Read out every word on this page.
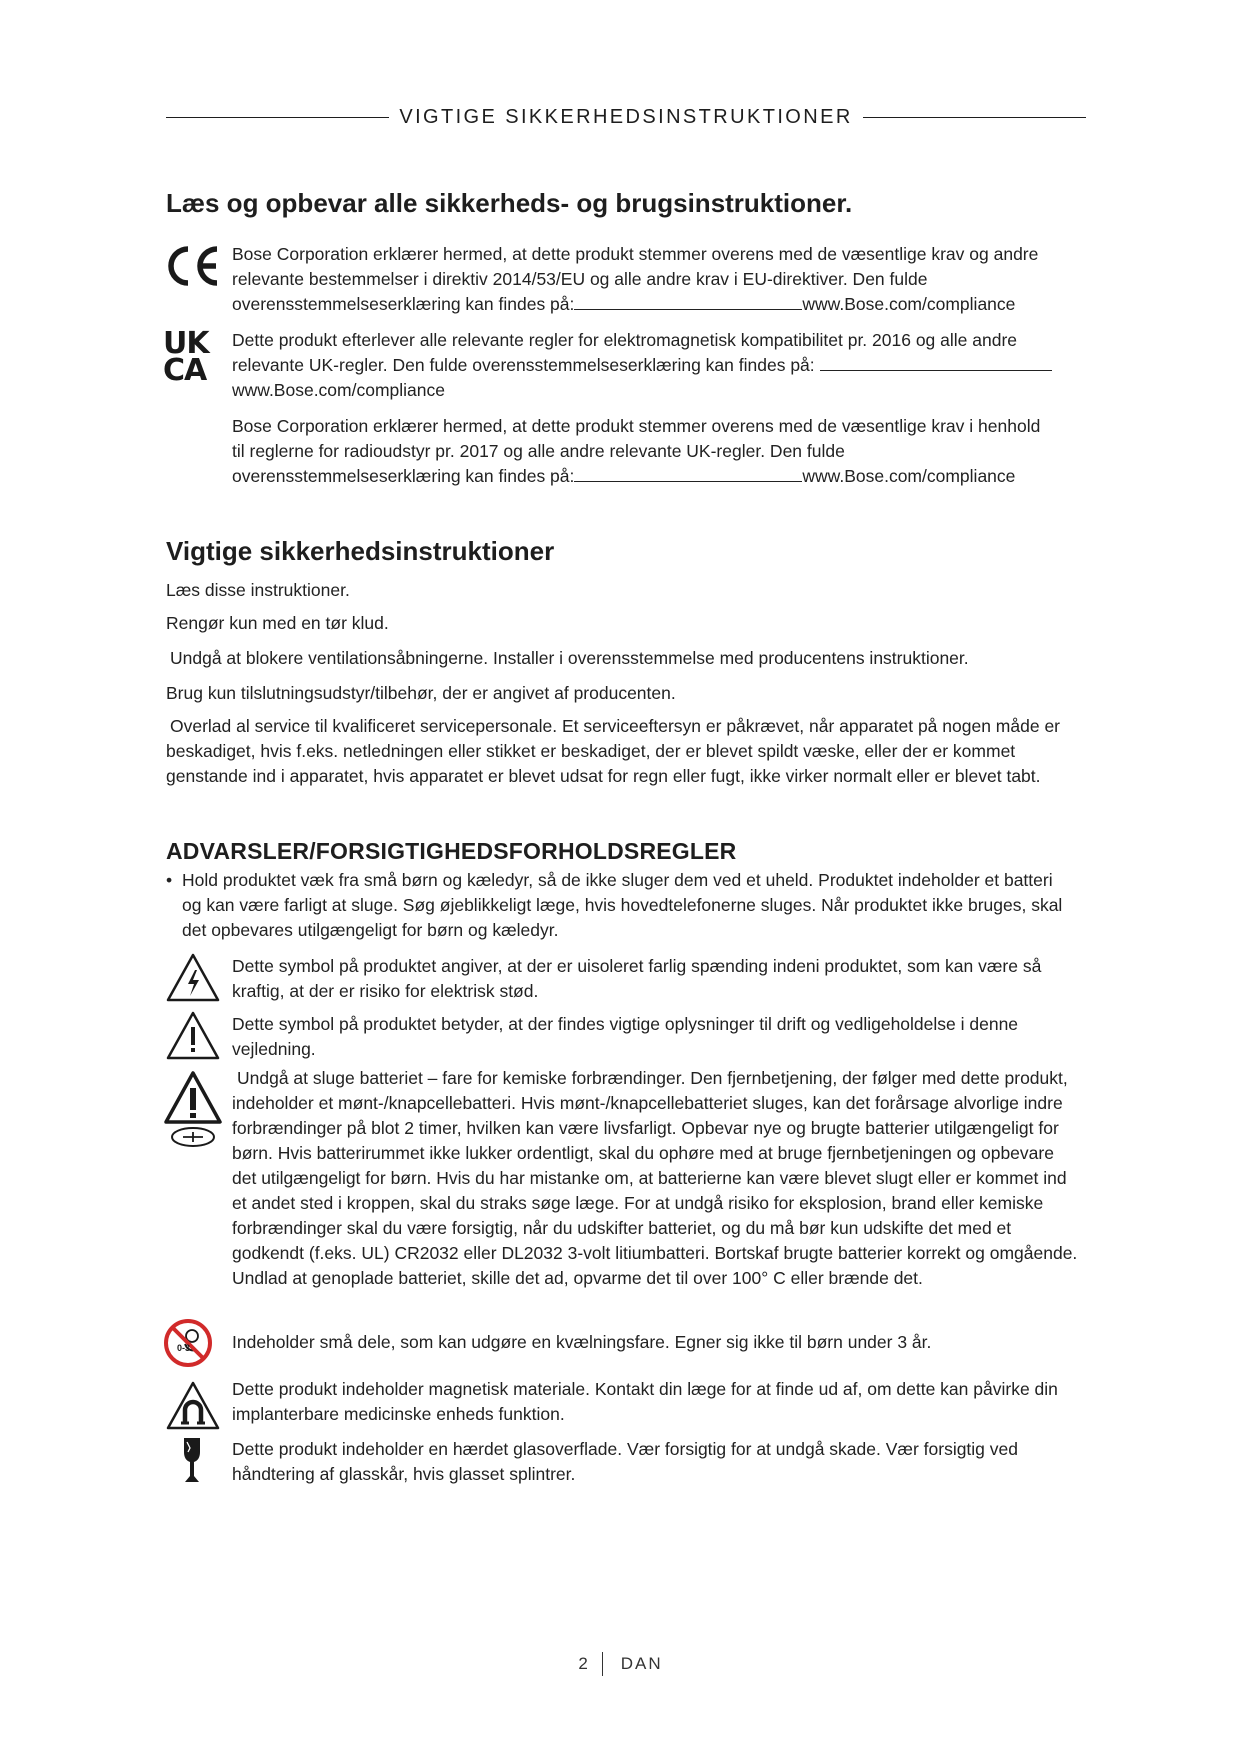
VIGTIGE SIKKERHEDSINSTRUKTIONER
Læs og opbevar alle sikkerheds- og brugsinstruktioner.
Bose Corporation erklærer hermed, at dette produkt stemmer overens med de væsentlige krav og andre relevante bestemmelser i direktiv 2014/53/EU og alle andre krav i EU-direktiver. Den fulde overensstemmelseserklæring kan findes på:	www.Bose.com/compliance
UK
CA
Dette produkt efterlever alle relevante regler for elektromagnetisk kompatibilitet pr. 2016 og alle andre relevante UK-regler. Den fulde overensstemmelseserklæring kan findes på: www.Bose.com/compliance
Bose Corporation erklærer hermed, at dette produkt stemmer overens med de væsentlige krav i henhold til reglerne for radioudstyr pr. 2017 og alle andre relevante UK-regler. Den fulde overensstemmelseserklæring kan findes på:	www.Bose.com/compliance
Vigtige sikkerhedsinstruktioner
Læs disse instruktioner.
Rengør kun med en tør klud.
Undgå at blokere ventilationsåbningerne. Installer i overensstemmelse med producentens instruktioner.
Brug kun tilslutningsudstyr/tilbehør, der er angivet af producenten.
Overlad al service til kvalificeret servicepersonale. Et serviceeftersyn er påkrævet, når apparatet på nogen måde er beskadiget, hvis f.eks. netledningen eller stikket er beskadiget, der er blevet spildt væske, eller der er kommet genstande ind i apparatet, hvis apparatet er blevet udsat for regn eller fugt, ikke virker normalt eller er blevet tabt.
ADVARSLER/FORSIGTIGHEDSFORHOLDSREGLER
• Hold produktet væk fra små børn og kæledyr, så de ikke sluger dem ved et uheld. Produktet indeholder et batteri og kan være farligt at sluge. Søg øjeblikkeligt læge, hvis hovedtelefonerne sluges. Når produktet ikke bruges, skal det opbevares utilgængeligt for børn og kæledyr.
Dette symbol på produktet angiver, at der er uisoleret farlig spænding indeni produktet, som kan være så kraftig, at der er risiko for elektrisk stød.
Dette symbol på produktet betyder, at der findes vigtige oplysninger til drift og vedligeholdelse i denne vejledning.
Undgå at sluge batteriet – fare for kemiske forbrændinger. Den fjernbetjening, der følger med dette produkt, indeholder et mønt-/knapcellebatteri. Hvis mønt-/knapcellebatteriet sluges, kan det forårsage alvorlige indre forbrændinger på blot 2 timer, hvilken kan være livsfarligt. Opbevar nye og brugte batterier utilgængeligt for børn. Hvis batterirummet ikke lukker ordentligt, skal du ophøre med at bruge fjernbetjeningen og opbevare det utilgængeligt for børn. Hvis du har mistanke om, at batterierne kan være blevet slugt eller er kommet ind et andet sted i kroppen, skal du straks søge læge. For at undgå risiko for eksplosion, brand eller kemiske forbrændinger skal du være forsigtig, når du udskifter batteriet, og du må bør kun udskifte det med et godkendt (f.eks. UL) CR2032 eller DL2032 3-volt litiumbatteri. Bortskaf brugte batterier korrekt og omgående. Undlad at genoplade batteriet, skille det ad, opvarme det til over 100° C eller brænde det.
0-3 Indeholder små dele, som kan udgøre en kvælningsfare. Egner sig ikke til børn under 3 år.
Dette produkt indeholder magnetisk materiale. Kontakt din læge for at finde ud af, om dette kan påvirke din implanterbare medicinske enheds funktion.
Dette produkt indeholder en hærdet glasoverflade. Vær forsigtig for at undgå skade. Vær forsigtig ved håndtering af glasskår, hvis glasset splintrer.
2 DAN
